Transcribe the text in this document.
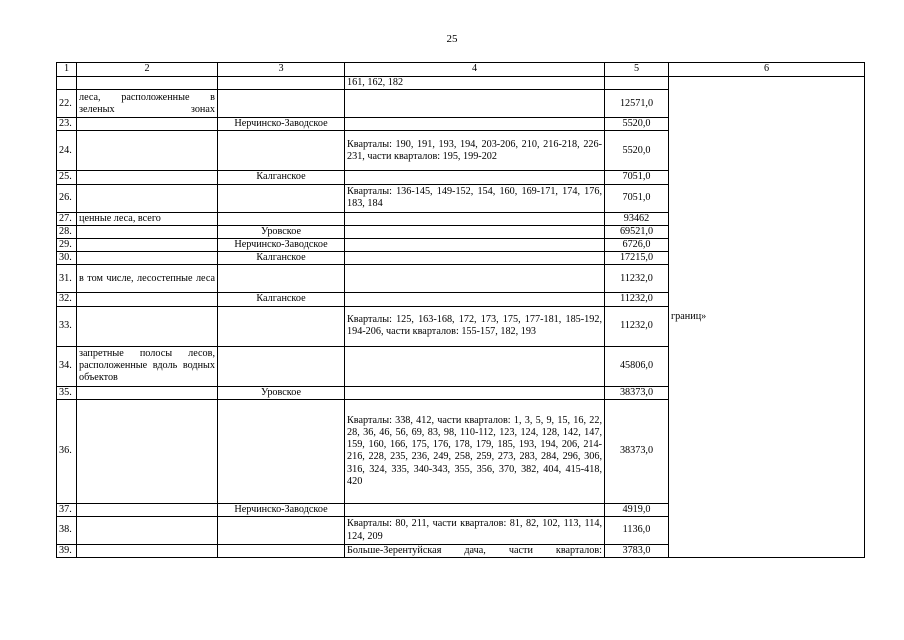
25
1	2	3	4	5	6
			161, 162, 182		границ»
22.	леса, расположенные в зеленых зонах			12571,0	
23.		Нерчинско-Заводское		5520,0	
24.			Кварталы: 190, 191, 193, 194, 203-206, 210, 216-218, 226-231, части кварталов: 195, 199-202	5520,0	
25.		Калганское		7051,0	
26.			Кварталы: 136-145, 149-152, 154, 160, 169-171, 174, 176, 183, 184	7051,0	
27.	ценные леса, всего			93462	
28.		Уровское		69521,0	
29.		Нерчинско-Заводское		6726,0	
30.		Калганское		17215,0	
31.	в том числе, лесостепные леса			11232,0	
32.		Калганское		11232,0	
33.			Кварталы: 125, 163-168, 172, 173, 175, 177-181, 185-192, 194-206, части кварталов: 155-157, 182, 193	11232,0	
34.	запретные полосы лесов, расположенные вдоль водных объектов			45806,0	
35.		Уровское		38373,0	
36.			Кварталы: 338, 412, части кварталов: 1, 3, 5, 9, 15, 16, 22, 28, 36, 46, 56, 69, 83, 98, 110-112, 123, 124, 128, 142, 147, 159, 160, 166, 175, 176, 178, 179, 185, 193, 194, 206, 214-216, 228, 235, 236, 249, 258, 259, 273, 283, 284, 296, 306, 316, 324, 335, 340-343, 355, 356, 370, 382, 404, 415-418, 420	38373,0	
37.		Нерчинско-Заводское		4919,0	
38.			Кварталы: 80, 211, части кварталов: 81, 82, 102, 113, 114, 124, 209	1136,0	
39.			Больше-Зерентуйская дача, части кварталов:	3783,0	
